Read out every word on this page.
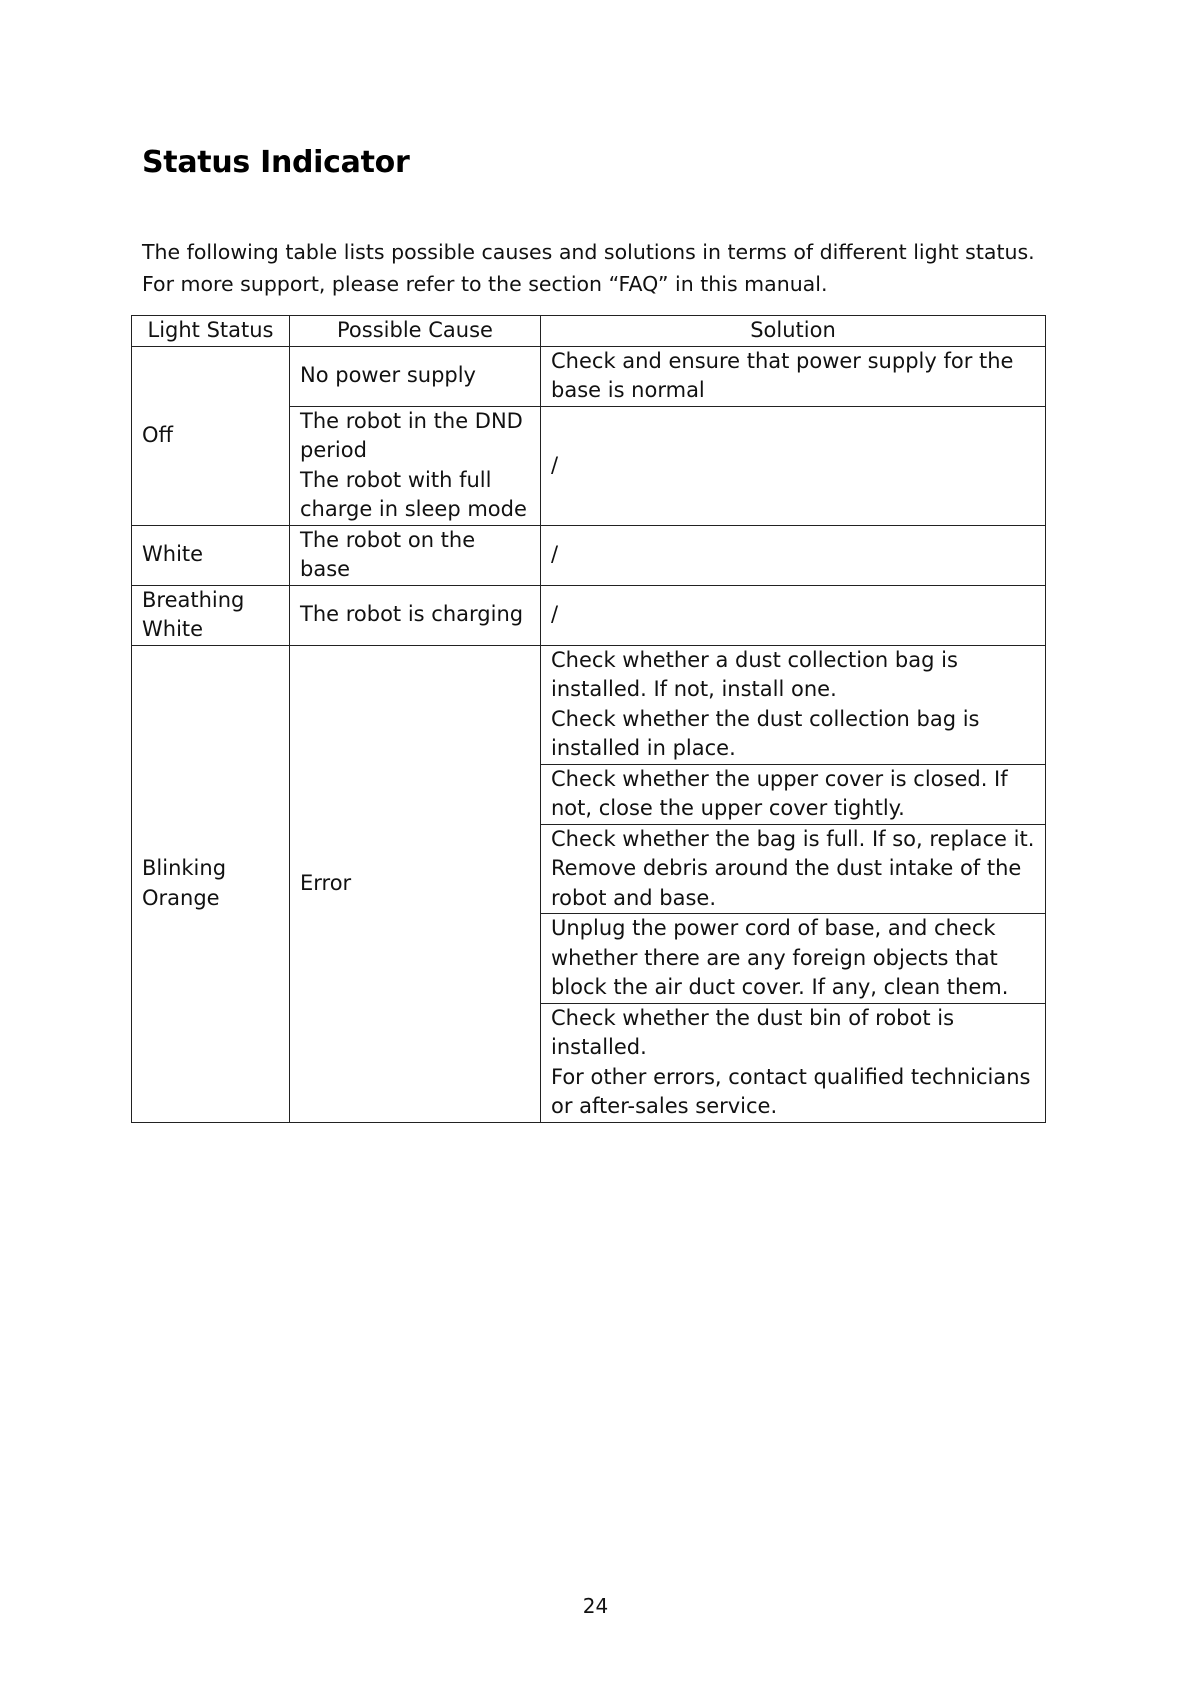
Status Indicator

The following table lists possible causes and solutions in terms of different light status. For more support, please refer to the section “FAQ” in this manual.

Light Status	Possible Cause	Solution

Off	No power supply	Check and ensure that power supply for the base is normal

	The robot in the DND period
The robot with full charge in sleep mode	/

White	The robot on the base	/

Breathing White	The robot is charging	/

Blinking Orange	Error	Check whether a dust collection bag is installed. If not, install one.
Check whether the dust collection bag is installed in place.

		Check whether the upper cover is closed. If not, close the upper cover tightly.

		Check whether the bag is full. If so, replace it.
Remove debris around the dust intake of the robot and base.

		Unplug the power cord of base, and check whether there are any foreign objects that block the air duct cover. If any, clean them.

		Check whether the dust bin of robot is installed.
For other errors, contact qualified technicians or after-sales service.

24
